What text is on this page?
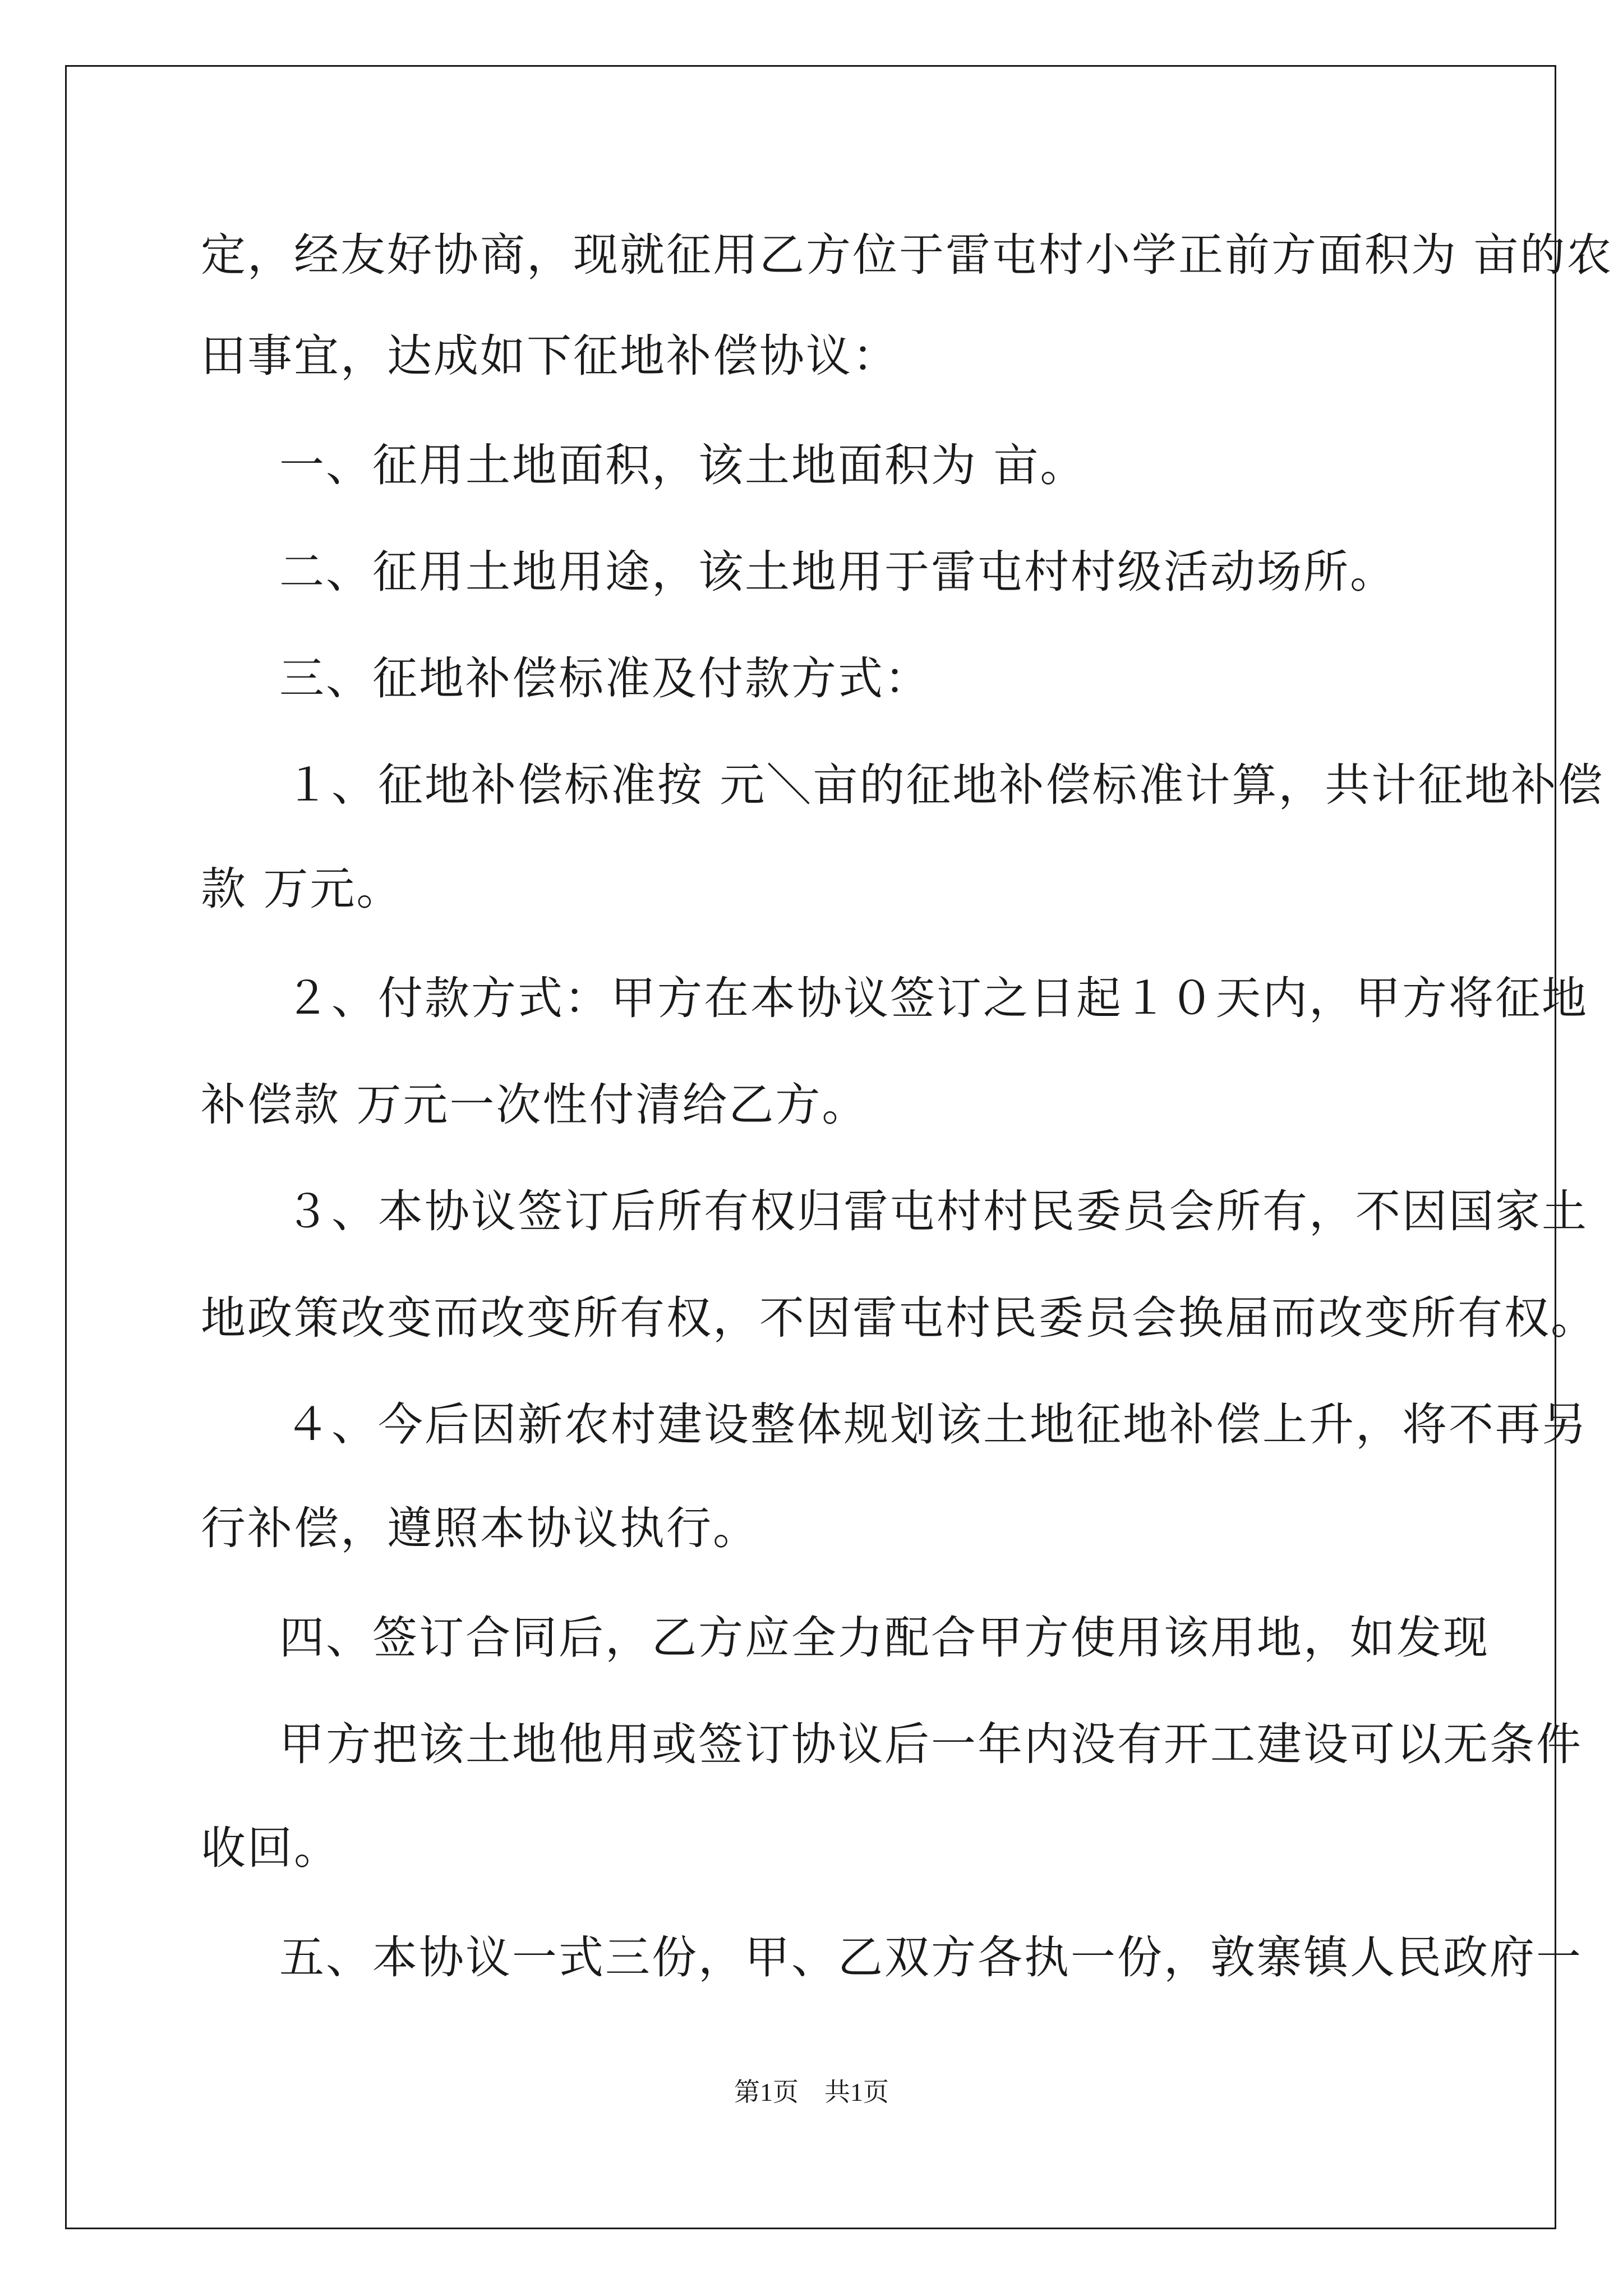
定，经友好协商，现就征用乙方位于雷屯村小学正前方面积为 亩的农
田事宜，达成如下征地补偿协议：
一、征用土地面积，该土地面积为 亩。
二、征用土地用途，该土地用于雷屯村村级活动场所。
三、征地补偿标准及付款方式：
１、征地补偿标准按 元＼亩的征地补偿标准计算，共计征地补偿
款 万元。
２、付款方式：甲方在本协议签订之日起１０天内，甲方将征地
补偿款 万元一次性付清给乙方。
３、本协议签订后所有权归雷屯村村民委员会所有，不因国家土
地政策改变而改变所有权，不因雷屯村民委员会换届而改变所有权。
４、今后因新农村建设整体规划该土地征地补偿上升，将不再另
行补偿，遵照本协议执行。
四、签订合同后，乙方应全力配合甲方使用该用地，如发现
甲方把该土地他用或签订协议后一年内没有开工建设可以无条件
收回。
五、本协议一式三份，甲、乙双方各执一份，敦寨镇人民政府一
第1页　共1页
